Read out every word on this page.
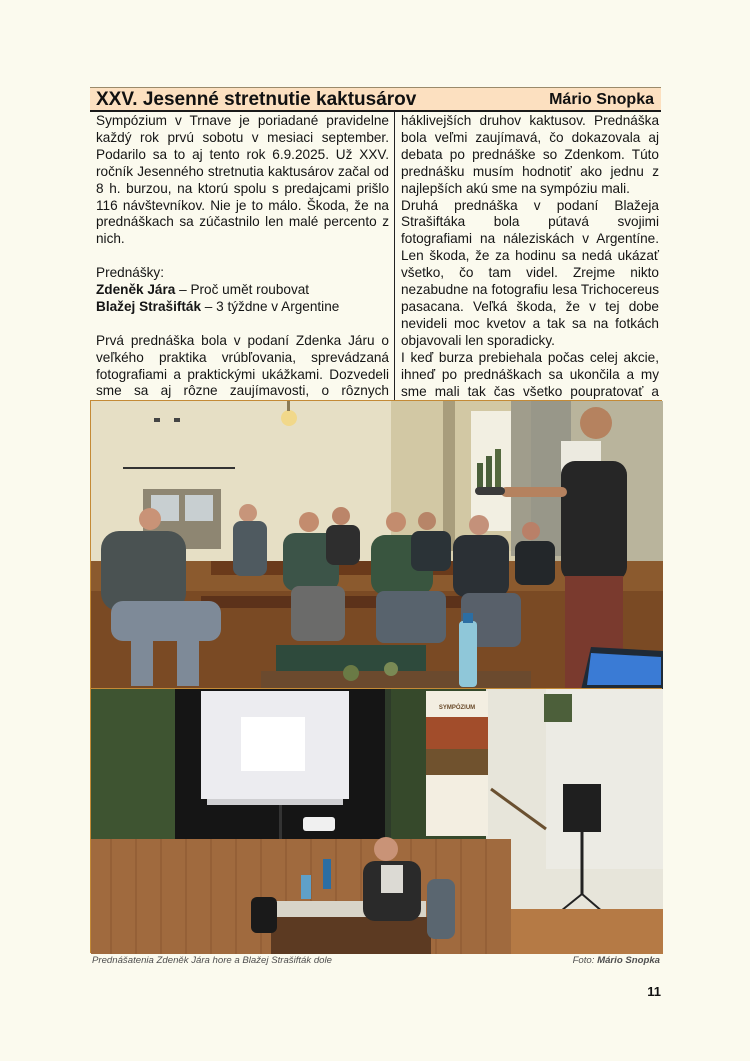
XXV. Jesenné stretnutie kaktusárov	Mário Snopka

Sympózium v Trnave je poriadané pravidelne každý rok prvú sobotu v mesiaci september. Podarilo sa to aj tento rok 6.9.2025. Už XXV. ročník Jesenného stretnutia kaktusárov začal od 8 h. burzou, na ktorú spolu s predajcami prišlo 116 návštevníkov. Nie je to málo. Škoda, že na prednáškach sa zúčastnilo len malé percento z nich.

Prednášky:
Zdeněk Jára – Proč umět roubovat
Blažej Strašifták – 3 týždne v Argentine

Prvá prednáška bola v podaní Zdenka Járu o veľkého praktika vrúbľovania, sprevádzaná fotografiami a praktickými ukážkami. Dozvedeli sme sa aj rôzne zaujímavosti, o rôznych

háklivejších druhov kaktusov. Prednáška bola veľmi zaujímavá, čo dokazovala aj debata po prednáške so Zdenkom. Túto prednášku musím hodnotiť ako jednu z najlepších akú sme na sympóziu mali.

Druhá prednáška v podaní Blažeja Strašiftáka bola pútavá svojimi fotografiami na náleziskách v Argentíne. Len škoda, že za hodinu sa nedá ukázať všetko, čo tam videl. Zrejme nikto nezabudne na fotografiu lesa Trichocereus pasacana. Veľká škoda, že v tej dobe nevideli moc kvetov a tak sa na fotkách objavovali len sporadicky.

I keď burza prebiehala počas celej akcie, ihneď po prednáškach sa ukončila a my sme mali tak čas všetko poupratovať a

SYMPÓZIUM
Prednášatenia Zdeněk Jára hore a Blažej Strašifták dole	Foto: Mário Snopka
11
